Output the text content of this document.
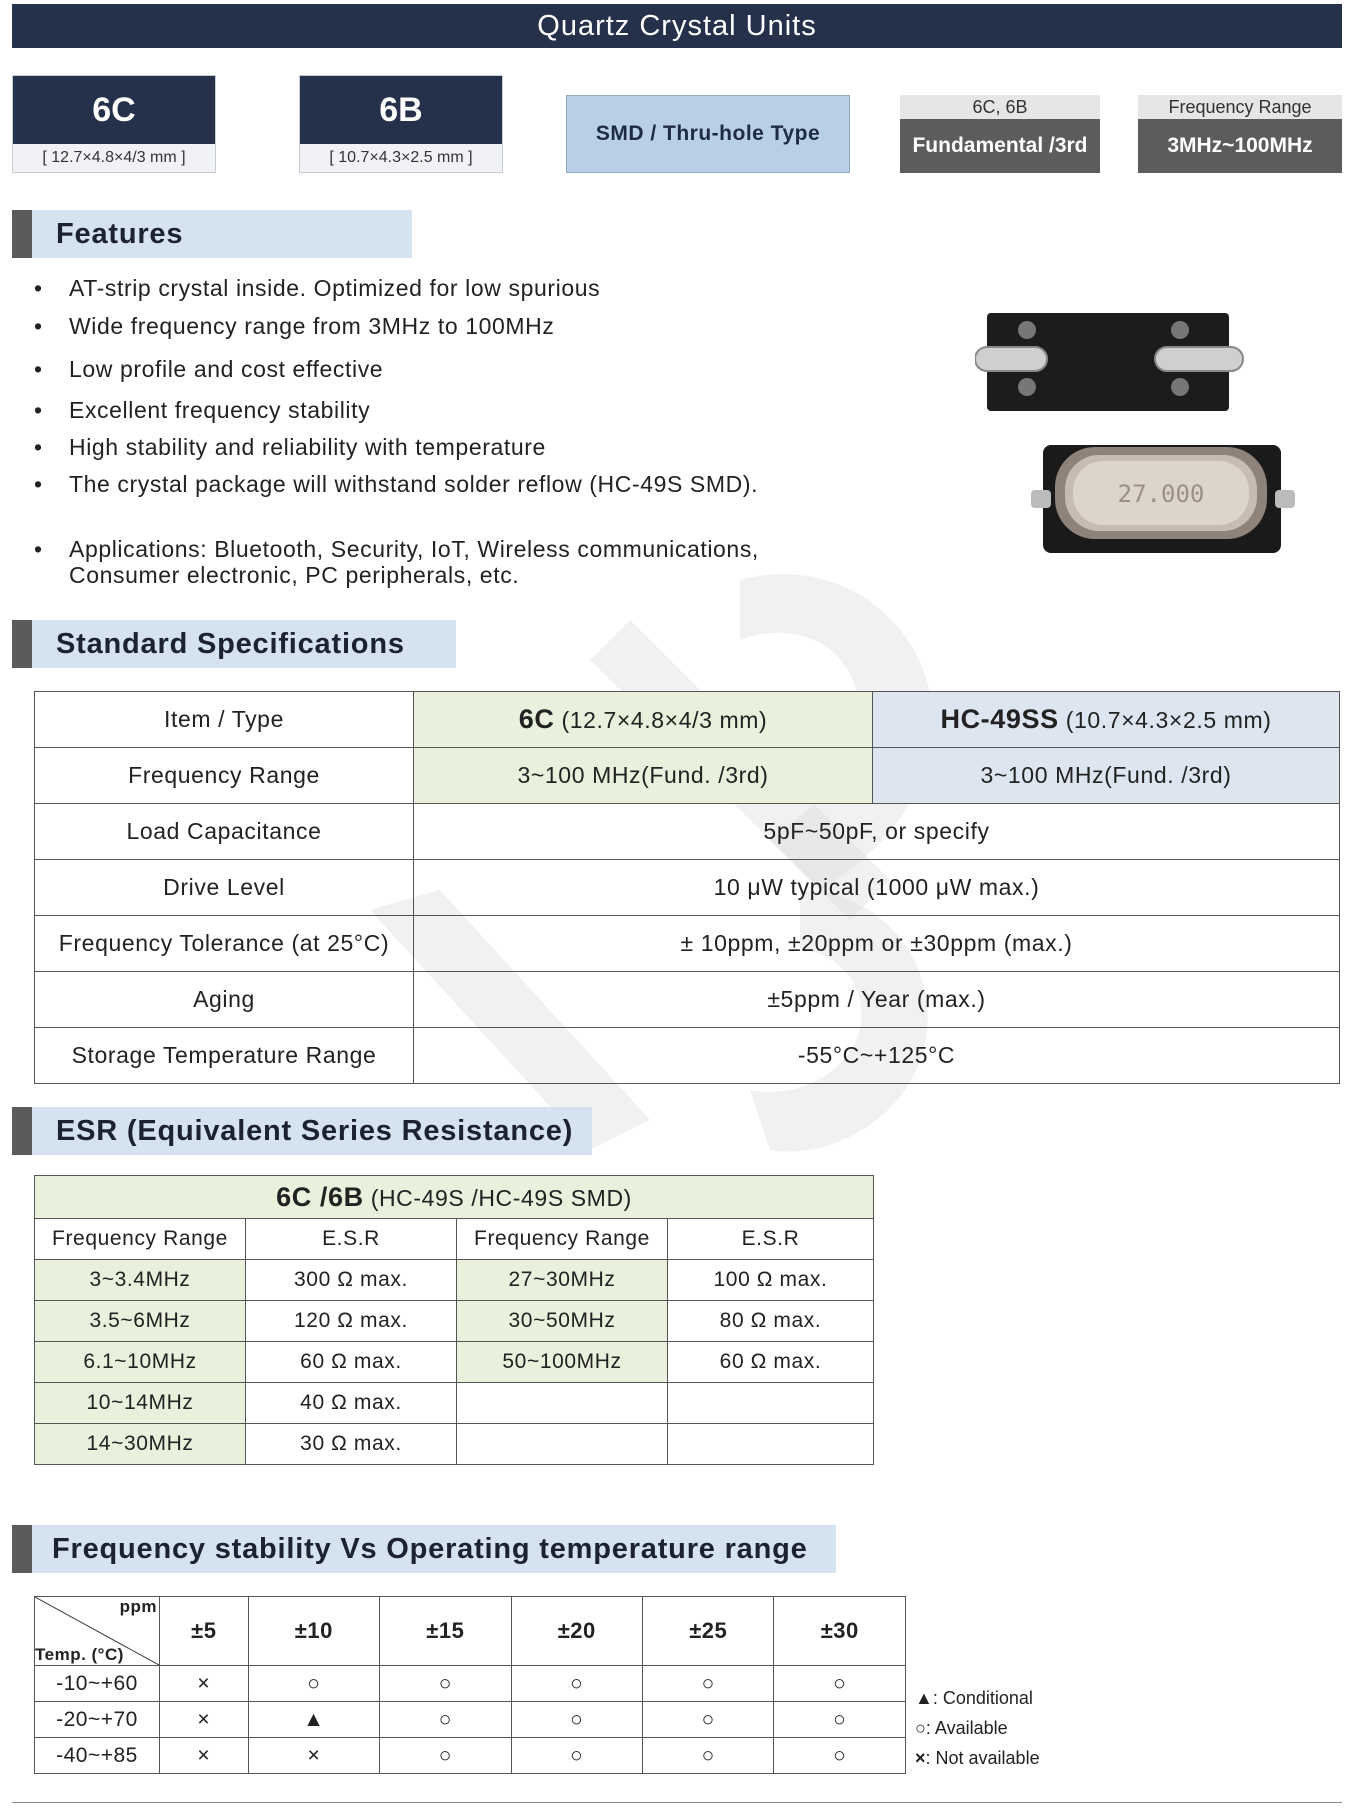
Quartz Crystal Units
6C
[ 12.7×4.8×4/3 mm ]
6B
[ 10.7×4.3×2.5 mm ]
SMD / Thru-hole Type
6C, 6B
Fundamental /3rd
Frequency Range
3MHz~100MHz
Features
• AT-strip crystal inside. Optimized for low spurious
• Wide frequency range from 3MHz to 100MHz
• Low profile and cost effective
• Excellent frequency stability
• High stability and reliability with temperature
• The crystal package will withstand solder reflow (HC-49S SMD).
• Applications: Bluetooth, Security, IoT, Wireless communications, Consumer electronic, PC peripherals, etc.
27.000
Standard Specifications
Item / Type	6C (12.7×4.8×4/3 mm)	HC-49SS (10.7×4.3×2.5 mm)
Frequency Range	3~100 MHz(Fund. /3rd)	3~100 MHz(Fund. /3rd)
Load Capacitance	5pF~50pF, or specify	
Drive Level	10 μW typical (1000 μW max.)	
Frequency Tolerance (at 25°C)	± 10ppm, ±20ppm or ±30ppm (max.)	
Aging	±5ppm / Year (max.)	
Storage Temperature Range	-55°C~+125°C	
ESR (Equivalent Series Resistance)
6C /6B (HC-49S /HC-49S SMD)			
Frequency Range	E.S.R	Frequency Range	E.S.R
3~3.4MHz	300 Ω max.	27~30MHz	100 Ω max.
3.5~6MHz	120 Ω max.	30~50MHz	80 Ω max.
6.1~10MHz	60 Ω max.	50~100MHz	60 Ω max.
10~14MHz	40 Ω max.		
14~30MHz	30 Ω max.		
Frequency stability Vs Operating temperature range
ppm
Temp. (°C)	±5	±10	±15	±20	±25	±30
-10~+60	×	○	○	○	○	○
-20~+70	×	▲	○	○	○	○
-40~+85	×	×	○	○	○	○
▲: Conditional
○: Available
×: Not available
